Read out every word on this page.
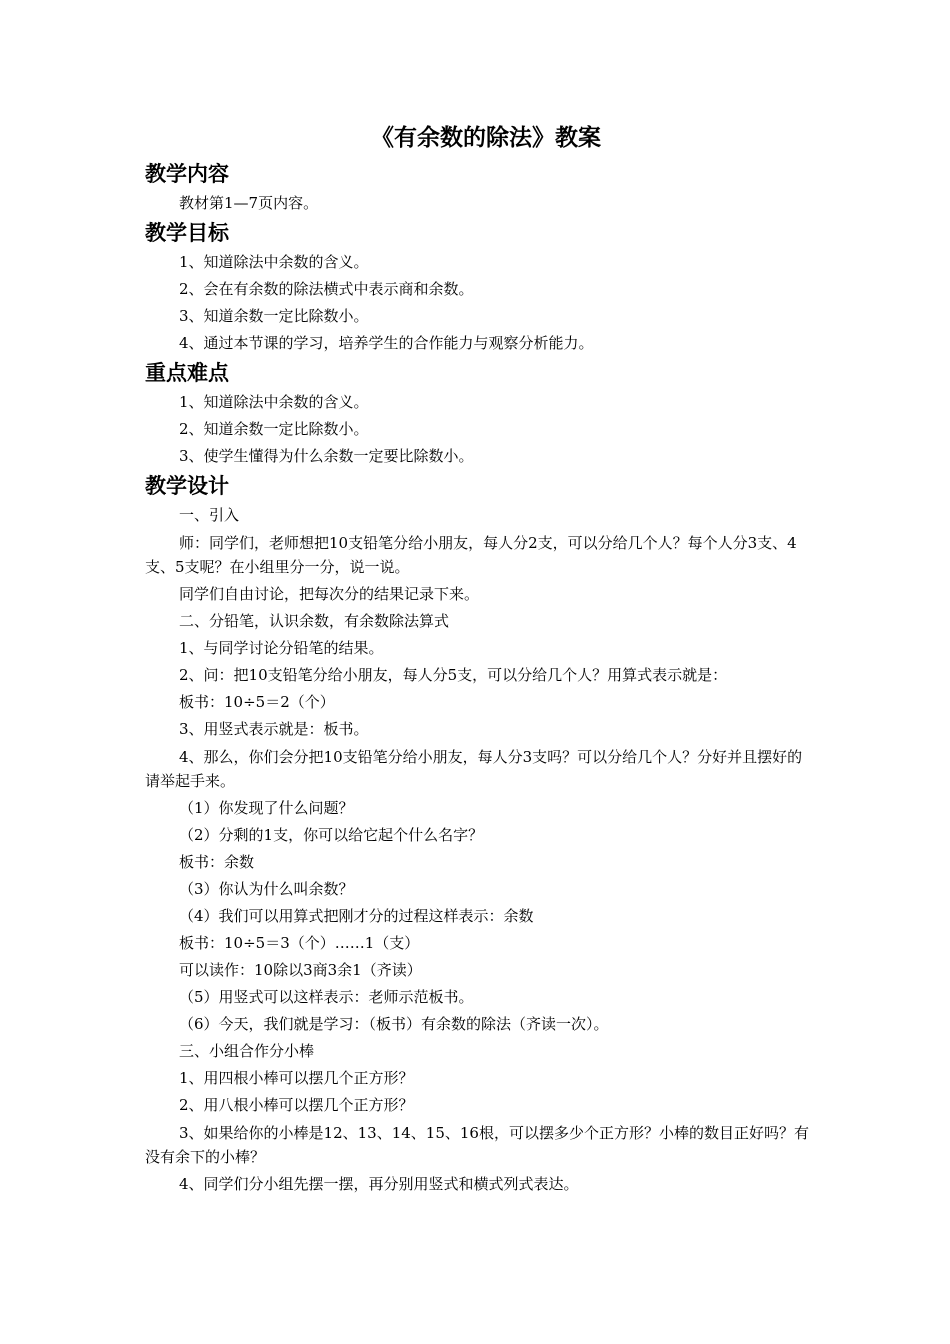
《有余数的除法》教案
教学内容

教材第1—7页内容。

教学目标

1、知道除法中余数的含义。

2、会在有余数的除法横式中表示商和余数。

3、知道余数一定比除数小。

4、通过本节课的学习，培养学生的合作能力与观察分析能力。

重点难点

1、知道除法中余数的含义。

2、知道余数一定比除数小。

3、使学生懂得为什么余数一定要比除数小。

教学设计

一、引入

师：同学们，老师想把10支铅笔分给小朋友，每人分2支，可以分给几个人？每个人分3支、4支、5支呢？在小组里分一分，说一说。

同学们自由讨论，把每次分的结果记录下来。

二、分铅笔，认识余数，有余数除法算式

1、与同学讨论分铅笔的结果。

2、问：把10支铅笔分给小朋友，每人分5支，可以分给几个人？用算式表示就是：

板书：10÷5＝2（个）

3、用竖式表示就是：板书。

4、那么，你们会分把10支铅笔分给小朋友，每人分3支吗？可以分给几个人？分好并且摆好的请举起手来。

（1）你发现了什么问题？

（2）分剩的1支，你可以给它起个什么名字？

板书：余数

（3）你认为什么叫余数？

（4）我们可以用算式把刚才分的过程这样表示：余数

板书：10÷5＝3（个）……1（支）

可以读作：10除以3商3余1（齐读）

（5）用竖式可以这样表示：老师示范板书。

（6）今天，我们就是学习：（板书）有余数的除法（齐读一次）。

三、小组合作分小棒

1、用四根小棒可以摆几个正方形？

2、用八根小棒可以摆几个正方形？

3、如果给你的小棒是12、13、14、15、16根，可以摆多少个正方形？小棒的数目正好吗？有没有余下的小棒？

4、同学们分小组先摆一摆，再分别用竖式和横式列式表达。
